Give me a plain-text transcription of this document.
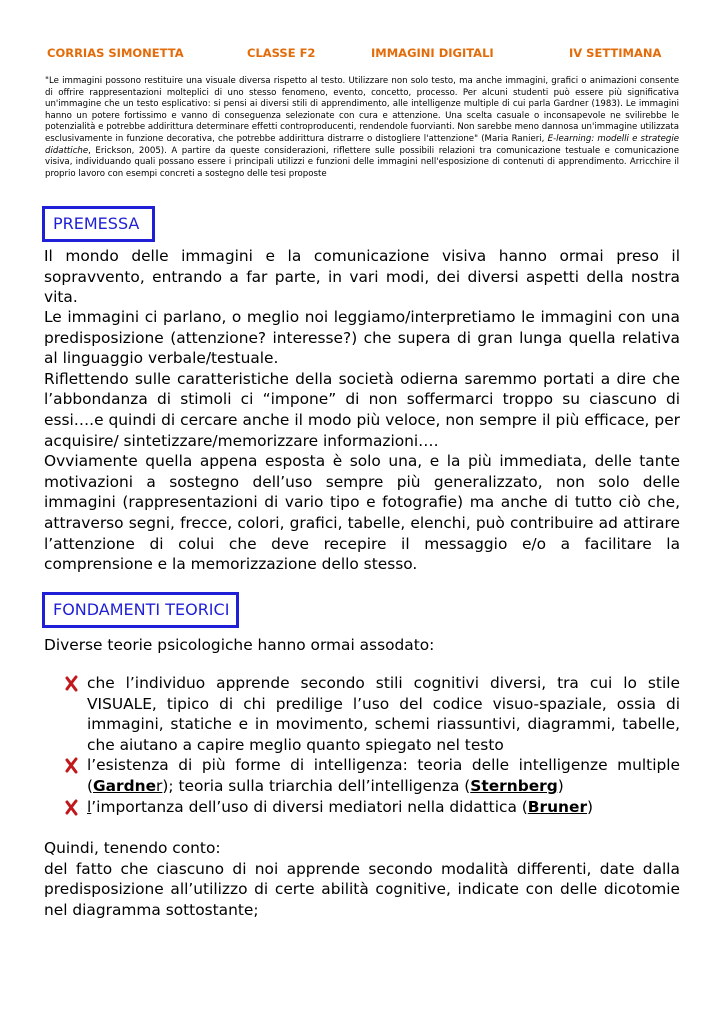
CORRIAS SIMONETTA	CLASSE F2	IMMAGINI DIGITALI	IV SETTIMANA
"Le immagini possono restituire una visuale diversa rispetto al testo. Utilizzare non solo testo, ma anche immagini, grafici o animazioni consente di offrire rappresentazioni molteplici di uno stesso fenomeno, evento, concetto, processo. Per alcuni studenti può essere più significativa un'immagine che un testo esplicativo: si pensi ai diversi stili di apprendimento, alle intelligenze multiple di cui parla Gardner (1983). Le immagini hanno un potere fortissimo e vanno di conseguenza selezionate con cura e attenzione. Una scelta casuale o inconsapevole ne svilirebbe le potenzialità e potrebbe addirittura determinare effetti controproducenti, rendendole fuorvianti. Non sarebbe meno dannosa un'immagine utilizzata esclusivamente in funzione decorativa, che potrebbe addirittura distrarre o distogliere l'attenzione" (Maria Ranieri, E-learning: modelli e strategie didattiche, Erickson, 2005). A partire da queste considerazioni, riflettere sulle possibili relazioni tra comunicazione testuale e comunicazione visiva, individuando quali possano essere i principali utilizzi e funzioni delle immagini nell'esposizione di contenuti di apprendimento. Arricchire il proprio lavoro con esempi concreti a sostegno delle tesi proposte
PREMESSA

Il mondo delle immagini e la comunicazione visiva hanno ormai preso il sopravvento, entrando a far parte, in vari modi, dei diversi aspetti della nostra vita.

Le immagini ci parlano, o meglio noi leggiamo/interpretiamo le immagini con una predisposizione (attenzione? interesse?) che supera di gran lunga quella relativa al linguaggio verbale/testuale.

Riflettendo sulle caratteristiche della società odierna saremmo portati a dire che l’abbondanza di stimoli ci “impone” di non soffermarci troppo su ciascuno di essi….e quindi di cercare anche il modo più veloce, non sempre il più efficace, per acquisire/ sintetizzare/memorizzare informazioni….

Ovviamente quella appena esposta è solo una, e la più immediata, delle tante motivazioni a sostegno dell’uso sempre più generalizzato, non solo delle immagini (rappresentazioni di vario tipo e fotografie) ma anche di tutto ciò che, attraverso segni, frecce, colori, grafici, tabelle, elenchi, può contribuire ad attirare l’attenzione di colui che deve recepire il messaggio e/o a facilitare la comprensione e la memorizzazione dello stesso.

FONDAMENTI TEORICI

Diverse teorie psicologiche hanno ormai assodato:

che l’individuo apprende secondo stili cognitivi diversi, tra cui lo stile VISUALE, tipico di chi predilige l’uso del codice visuo-spaziale, ossia di immagini, statiche e in movimento, schemi riassuntivi, diagrammi, tabelle, che aiutano a capire meglio quanto spiegato nel testo
l’esistenza di più forme di intelligenza: teoria delle intelligenze multiple (Gardner); teoria sulla triarchia dell’intelligenza (Sternberg)
l’importanza dell’uso di diversi mediatori nella didattica (Bruner)

Quindi, tenendo conto:

del fatto che ciascuno di noi apprende secondo modalità differenti, date dalla predisposizione all’utilizzo di certe abilità cognitive, indicate con delle dicotomie nel diagramma sottostante;
